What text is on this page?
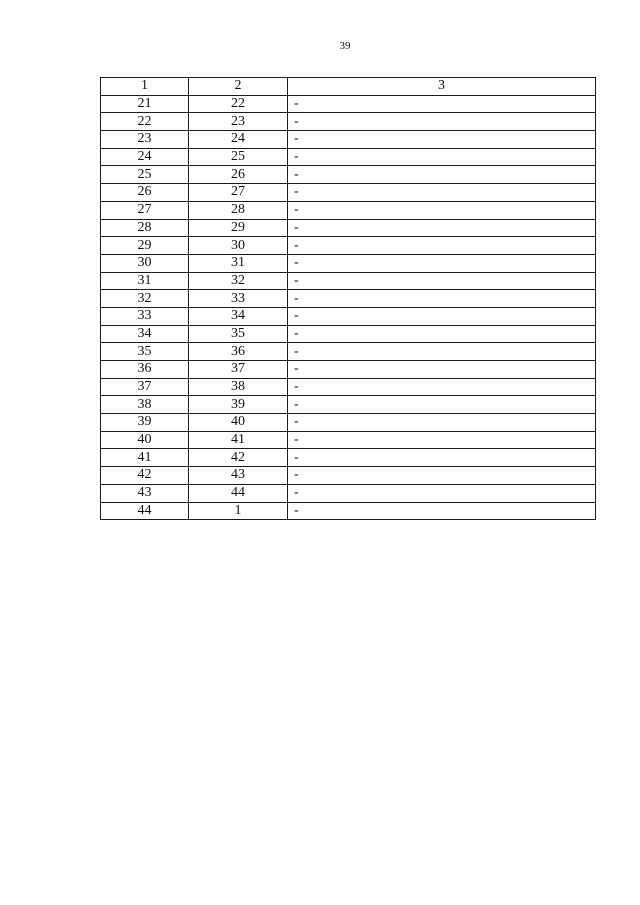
39
1	2	3
21	22	-
22	23	-
23	24	-
24	25	-
25	26	-
26	27	-
27	28	-
28	29	-
29	30	-
30	31	-
31	32	-
32	33	-
33	34	-
34	35	-
35	36	-
36	37	-
37	38	-
38	39	-
39	40	-
40	41	-
41	42	-
42	43	-
43	44	-
44	1	-
